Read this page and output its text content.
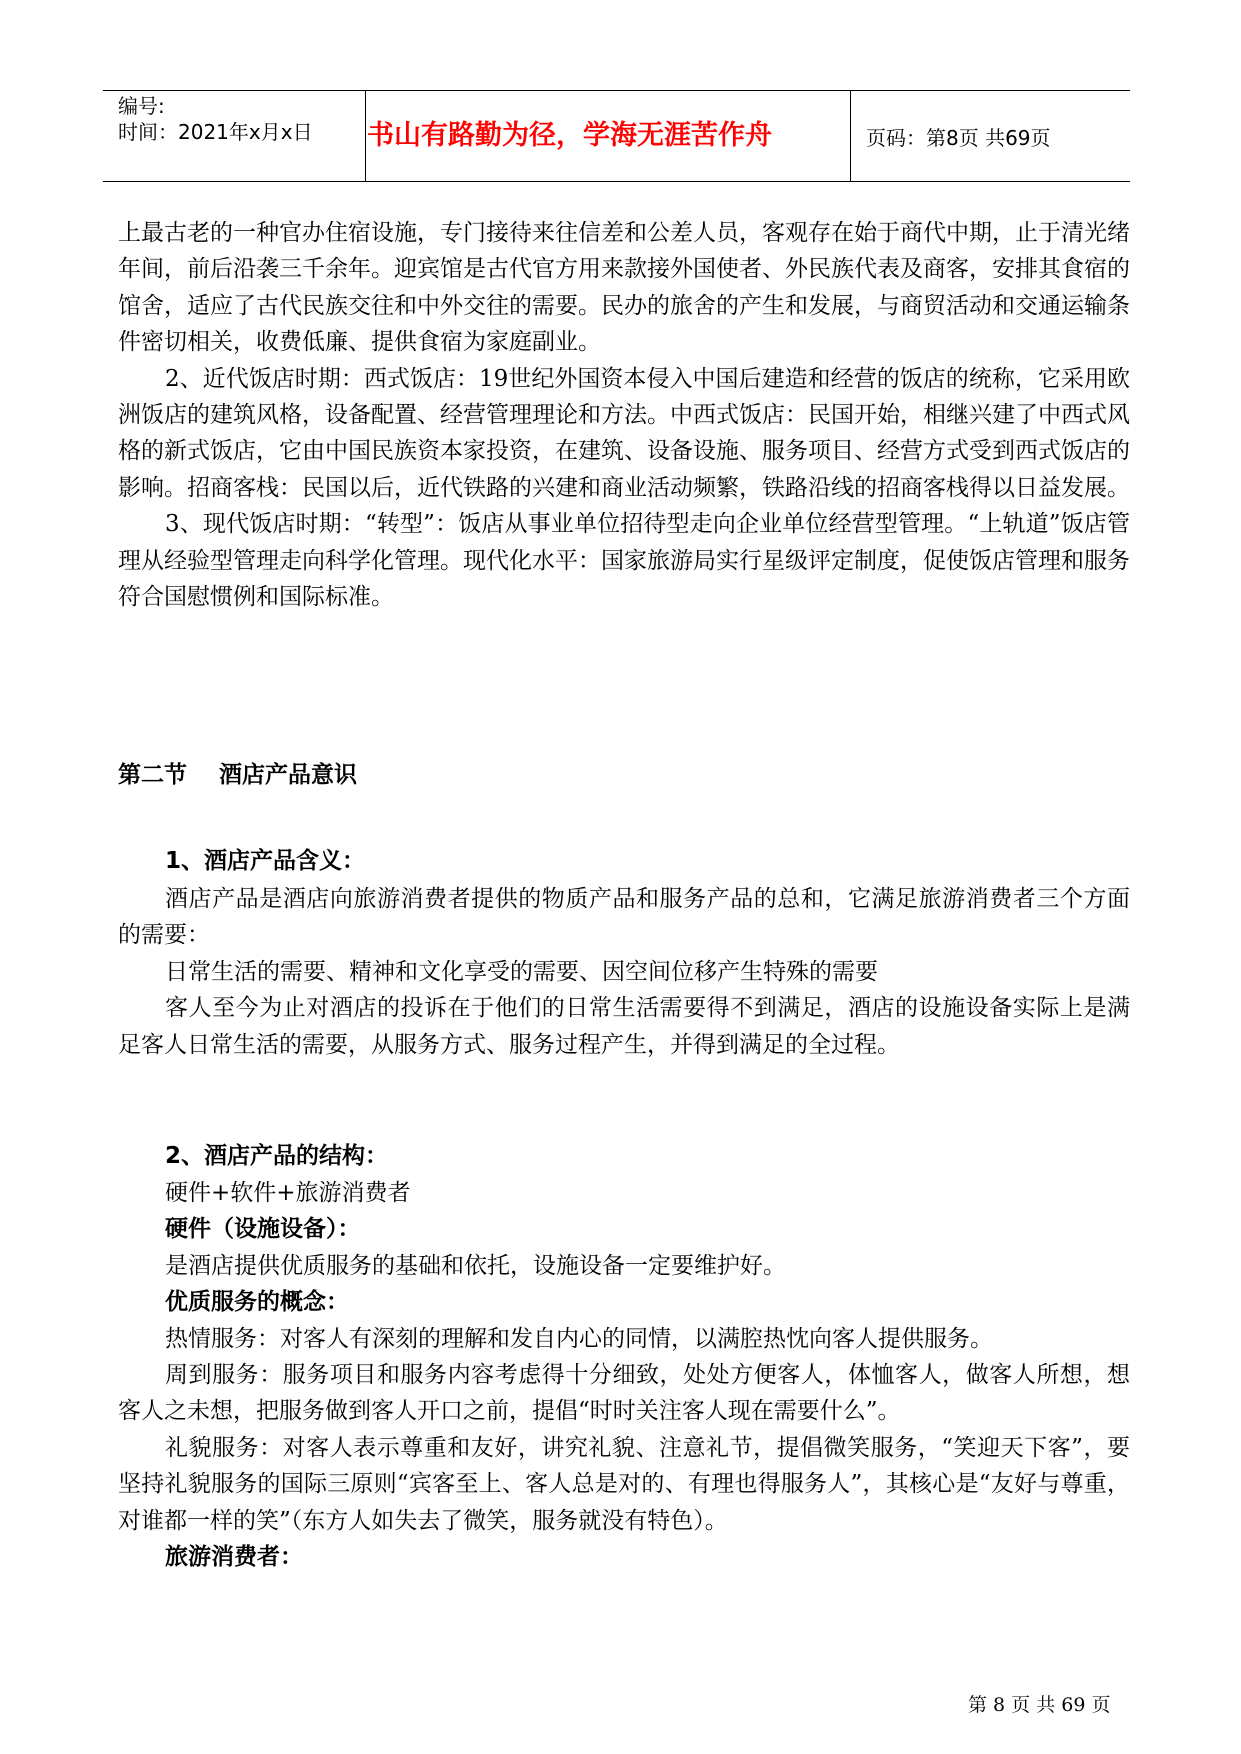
编号:
时间：2021年x月x日 书山有路勤为径，学海无涯苦作舟	页码：第8页 共69页

上最古老的一种官办住宿设施，专门接待来往信差和公差人员，客观存在始于商代中期，止于清光绪年间，前后沿袭三千余年。迎宾馆是古代官方用来款接外国使者、外民族代表及商客，安排其食宿的馆舍，适应了古代民族交往和中外交往的需要。民办的旅舍的产生和发展，与商贸活动和交通运输条件密切相关，收费低廉、提供食宿为家庭副业。

2、近代饭店时期：西式饭店：19世纪外国资本侵入中国后建造和经营的饭店的统称，它采用欧洲饭店的建筑风格，设备配置、经营管理理论和方法。中西式饭店：民国开始，相继兴建了中西式风格的新式饭店，它由中国民族资本家投资，在建筑、设备设施、服务项目、经营方式受到西式饭店的影响。招商客栈：民国以后，近代铁路的兴建和商业活动频繁，铁路沿线的招商客栈得以日益发展。

3、现代饭店时期：“转型”：饭店从事业单位招待型走向企业单位经营型管理。“上轨道”饭店管理从经验型管理走向科学化管理。现代化水平：国家旅游局实行星级评定制度，促使饭店管理和服务符合国慰惯例和国际标准。

第二节    酒店产品意识
1、酒店产品含义：

酒店产品是酒店向旅游消费者提供的物质产品和服务产品的总和，它满足旅游消费者三个方面的需要：

日常生活的需要、精神和文化享受的需要、因空间位移产生特殊的需要

客人至今为止对酒店的投诉在于他们的日常生活需要得不到满足，酒店的设施设备实际上是满足客人日常生活的需要，从服务方式、服务过程产生，并得到满足的全过程。

2、酒店产品的结构：

硬件+软件+旅游消费者

硬件（设施设备）：

是酒店提供优质服务的基础和依托，设施设备一定要维护好。

优质服务的概念：

热情服务：对客人有深刻的理解和发自内心的同情，以满腔热忱向客人提供服务。

周到服务：服务项目和服务内容考虑得十分细致，处处方便客人，体恤客人，做客人所想，想客人之未想，把服务做到客人开口之前，提倡“时时关注客人现在需要什么”。

礼貌服务：对客人表示尊重和友好，讲究礼貌、注意礼节，提倡微笑服务，“笑迎天下客”，要坚持礼貌服务的国际三原则“宾客至上、客人总是对的、有理也得服务人”，其核心是“友好与尊重，对谁都一样的笑”（东方人如失去了微笑，服务就没有特色）。

旅游消费者：

第 8 页 共 69 页
